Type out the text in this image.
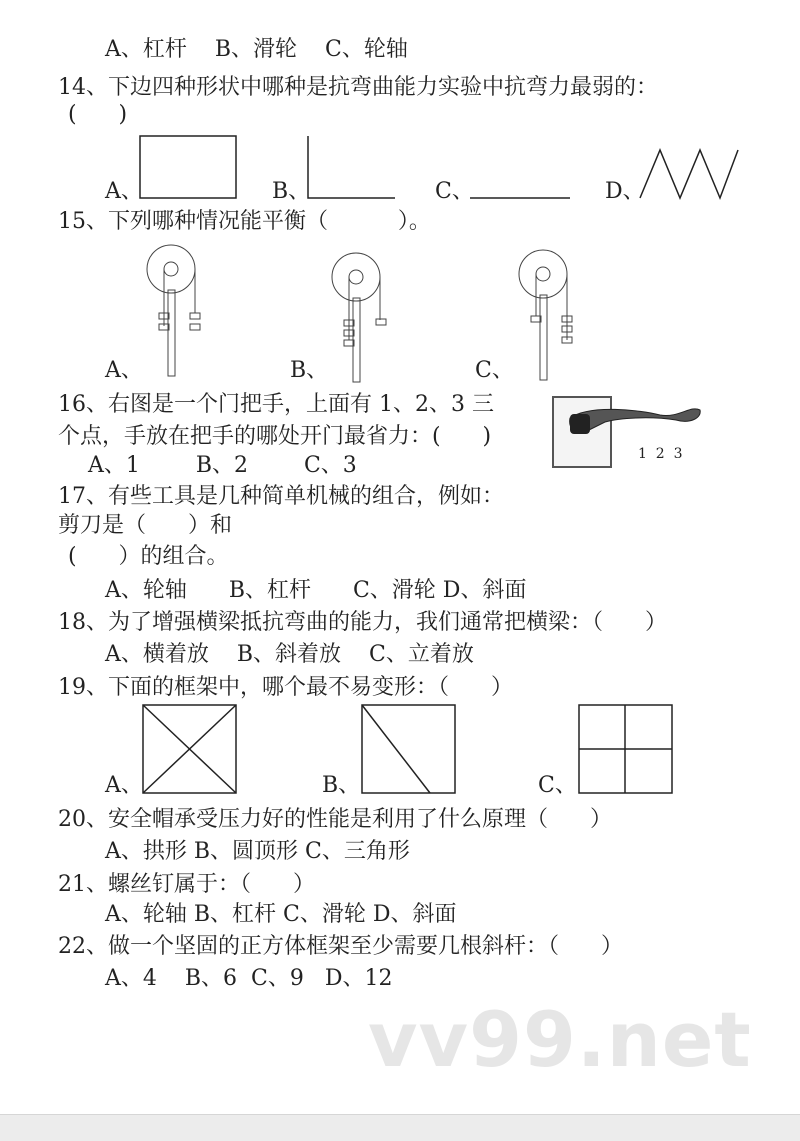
A、杠杆    B、滑轮    C、轮轴
14、下边四种形状中哪种是抗弯曲能力实验中抗弯力最弱的：
(      )
A、	B、	C、	D、
15、下列哪种情况能平衡（          ）。
A、	B、	C、
16、右图是一个门把手，上面有 1、2、3 三
个点，手放在把手的哪处开门最省力：(      )
A、1        B、2        C、3	1  2  3
17、有些工具是几种简单机械的组合，例如：
剪刀是（      ）和
(      ）的组合。
A、轮轴      B、杠杆      C、滑轮 D、斜面
18、为了增强横梁抵抗弯曲的能力，我们通常把横梁：（      ）
A、横着放    B、斜着放    C、立着放
19、下面的框架中，哪个最不易变形：（      ）
A、	B、	C、
20、安全帽承受压力好的性能是利用了什么原理（      ）
A、拱形 B、圆顶形 C、三角形
21、螺丝钉属于：（      ）
A、轮轴 B、杠杆 C、滑轮 D、斜面
22、做一个坚固的正方体框架至少需要几根斜杆：（      ）
A、4    B、6  C、9   D、12
vv99.net
